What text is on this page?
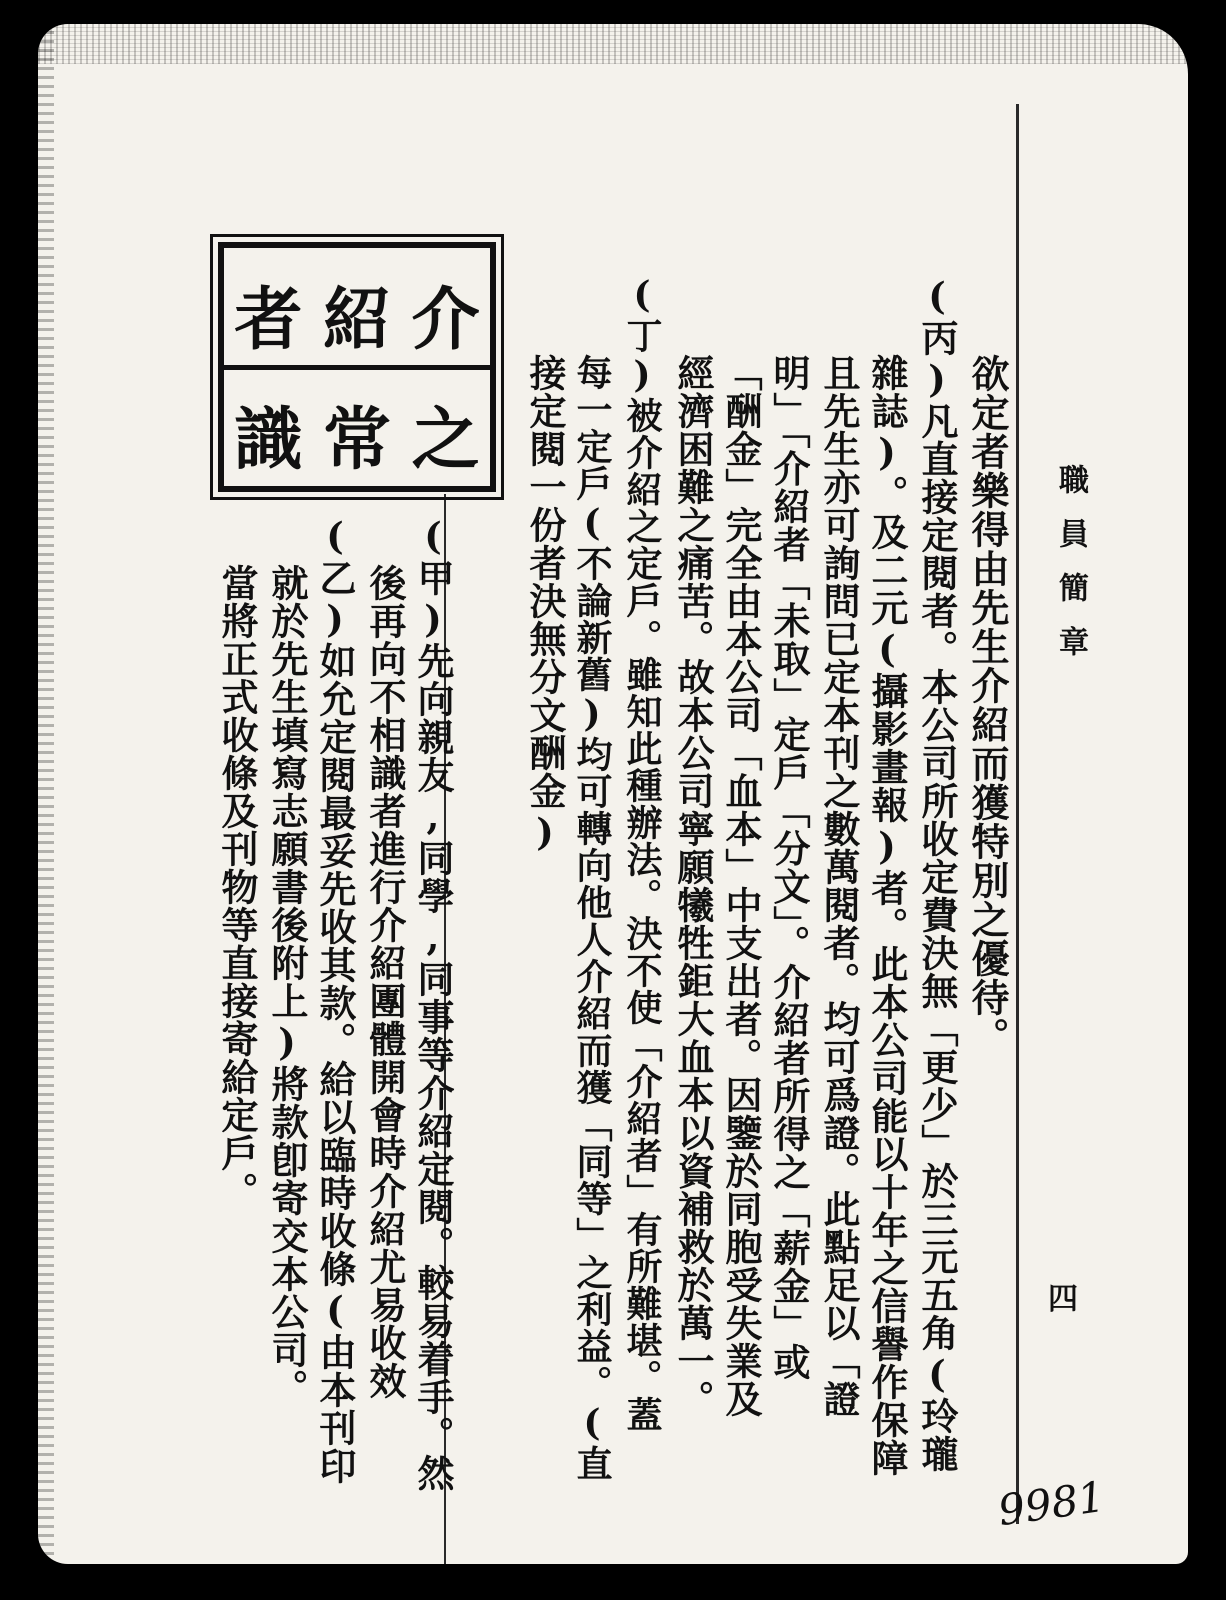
職員簡章
四
者 紹 介
識 常 之	欲定者樂得由先生介紹而獲特別之優待。
(丙)凡直接定閱者。本公司所收定費決無「更少」於三元五角(玲瓏
雜誌)。及二元(攝影畫報)者。此本公司能以十年之信譽作保障
且先生亦可詢問已定本刊之數萬閱者。均可爲證。此點足以「證
明」「介紹者「未取」定戶「分文」。介紹者所得之「薪金」或
「酬金」完全由本公司「血本」中支出者。因鑒於同胞受失業及
經濟困難之痛苦。故本公司寧願犧牲鉅大血本以資補救於萬一。
(丁)被介紹之定戶。雖知此種辦法。決不使「介紹者」有所難堪。蓋
每一定戶(不論新舊)均可轉向他人介紹而獲「同等」之利益。(直
接定閱一份者決無分文酬金)
(甲)先向親友,同學,同事等介紹定閱。較易着手。然
後再向不相識者進行介紹團體開會時介紹尤易收效
(乙)如允定閱最妥先收其款。給以臨時收條(由本刊印
就於先生填寫志願書後附上)將款卽寄交本公司。
當將正式收條及刊物等直接寄給定戶。
9981
